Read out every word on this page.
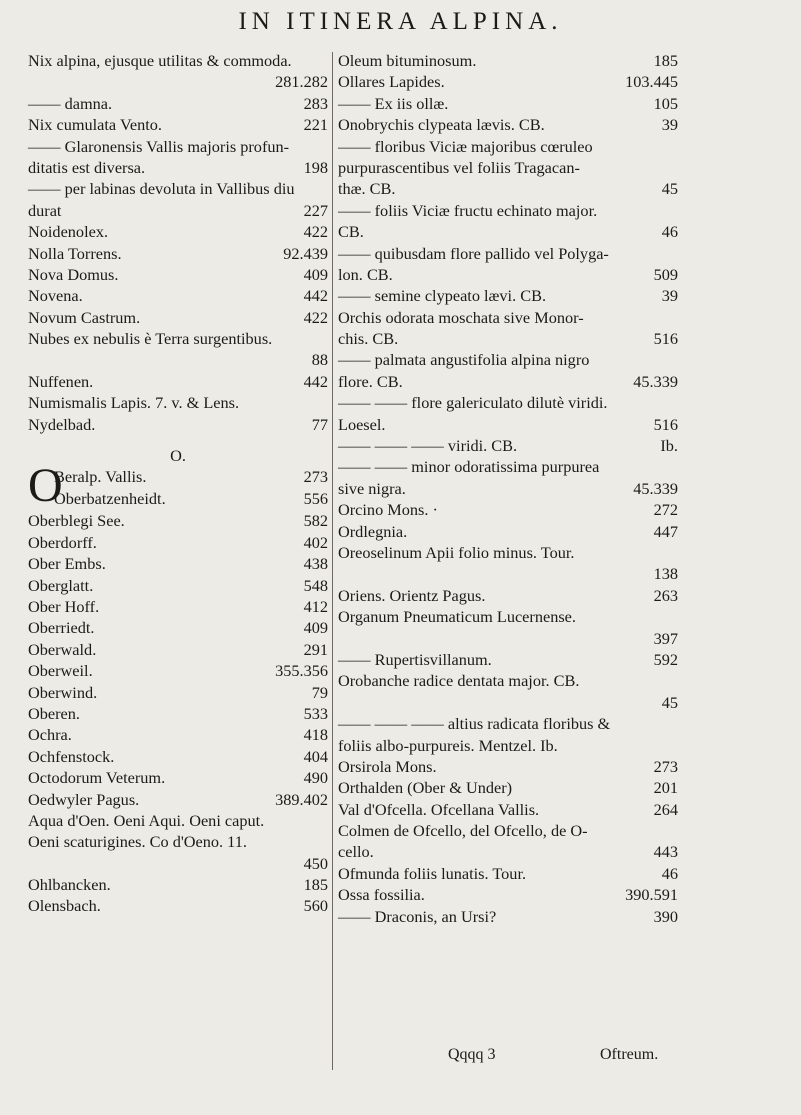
IN ITINERA ALPINA.
Nix alpina, ejusque utilitas & commoda.
281.282
—— damna.	283
Nix cumulata Vento.	221
—— Glaronensis Vallis majoris profun-
ditatis est diversa.	198
—— per labinas devoluta in Vallibus diu
durat	227
Noidenolex.	422
Nolla Torrens.	92.439
Nova Domus.	409
Novena.	442
Novum Castrum.	422
Nubes ex nebulis è Terra surgentibus.
88
Nuffenen.	442
Numismalis Lapis. 7. v. & Lens.
Nydelbad.	77
O.
O
Beralp. Vallis.	273
Oberbatzenheidt.	556
Oberblegi See.	582
Oberdorff.	402
Ober Embs.	438
Oberglatt.	548
Ober Hoff.	412
Oberriedt.	409
Oberwald.	291
Oberweil.	355.356
Oberwind.	79
Oberen.	533
Ochra.	418
Ochfenstock.	404
Octodorum Veterum.	490
Oedwyler Pagus.	389.402
Aqua d'Oen. Oeni Aqui. Oeni caput.
Oeni scaturigines. Co d'Oeno. 11.
450
Ohlbancken.	185
Olensbach.	560
Oleum bituminosum.	185
Ollares Lapides.	103.445
—— Ex iis ollæ.	105
Onobrychis clypeata lævis. CB.	39
—— floribus Viciæ majoribus cœruleo
purpurascentibus vel foliis Tragacan-
thæ. CB.	45
—— foliis Viciæ fructu echinato major.
CB.	46
—— quibusdam flore pallido vel Polyga-
lon. CB.	509
—— semine clypeato lævi. CB.	39
Orchis odorata moschata sive Monor-
chis. CB.	516
—— palmata angustifolia alpina nigro
flore. CB.	45.339
—— —— flore galericulato dilutè viridi.
Loesel.	516
—— —— —— viridi. CB.	Ib.
—— —— minor odoratissima purpurea
sive nigra.	45.339
Orcino Mons. ·	272
Ordlegnia.	447
Oreoselinum Apii folio minus. Tour.
138
Oriens. Orientz Pagus.	263
Organum Pneumaticum Lucernense.
397
—— Rupertisvillanum.	592
Orobanche radice dentata major. CB.
45
—— —— —— altius radicata floribus &
foliis albo-purpureis. Mentzel. Ib.
Orsirola Mons.	273
Orthalden (Ober & Under)	201
Val d'Ofcella. Ofcellana Vallis.	264
Colmen de Ofcello, del Ofcello, de O-
cello.	443
Ofmunda foliis lunatis. Tour.	46
Ossa fossilia.	390.591
—— Draconis, an Ursi?	390
Qqqq 3	Oftreum.
